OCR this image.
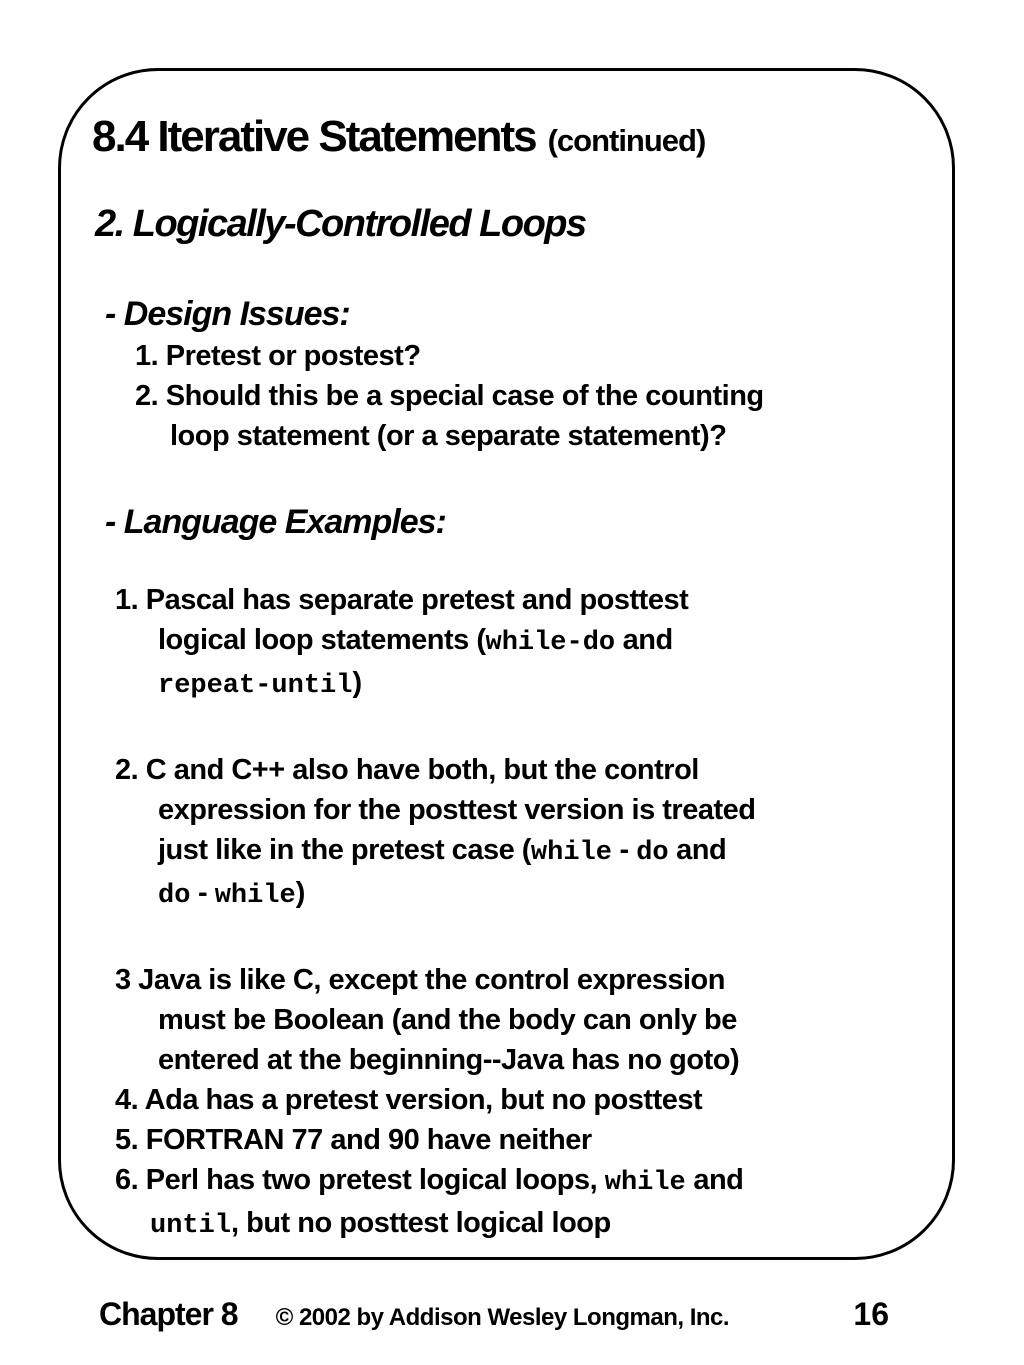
8.4 Iterative Statements (continued)
2. Logically-Controlled Loops
- Design Issues:
1. Pretest or postest?
2. Should this be a special case of the counting
loop statement (or a separate statement)?
- Language Examples:
1. Pascal has separate pretest and posttest
logical loop statements (while-do and
repeat-until)
2. C and C++ also have both, but the control
expression for the posttest version is treated
just like in the pretest case (while - do and
do - while)
3 Java is like C, except the control expression
must be Boolean (and the body can only be
entered at the beginning--Java has no goto)
4. Ada has a pretest version, but no posttest
5. FORTRAN 77 and 90 have neither
6. Perl has two pretest logical loops, while and
until, but no posttest logical loop
Chapter 8 © 2002 by Addison Wesley Longman, Inc.	16
